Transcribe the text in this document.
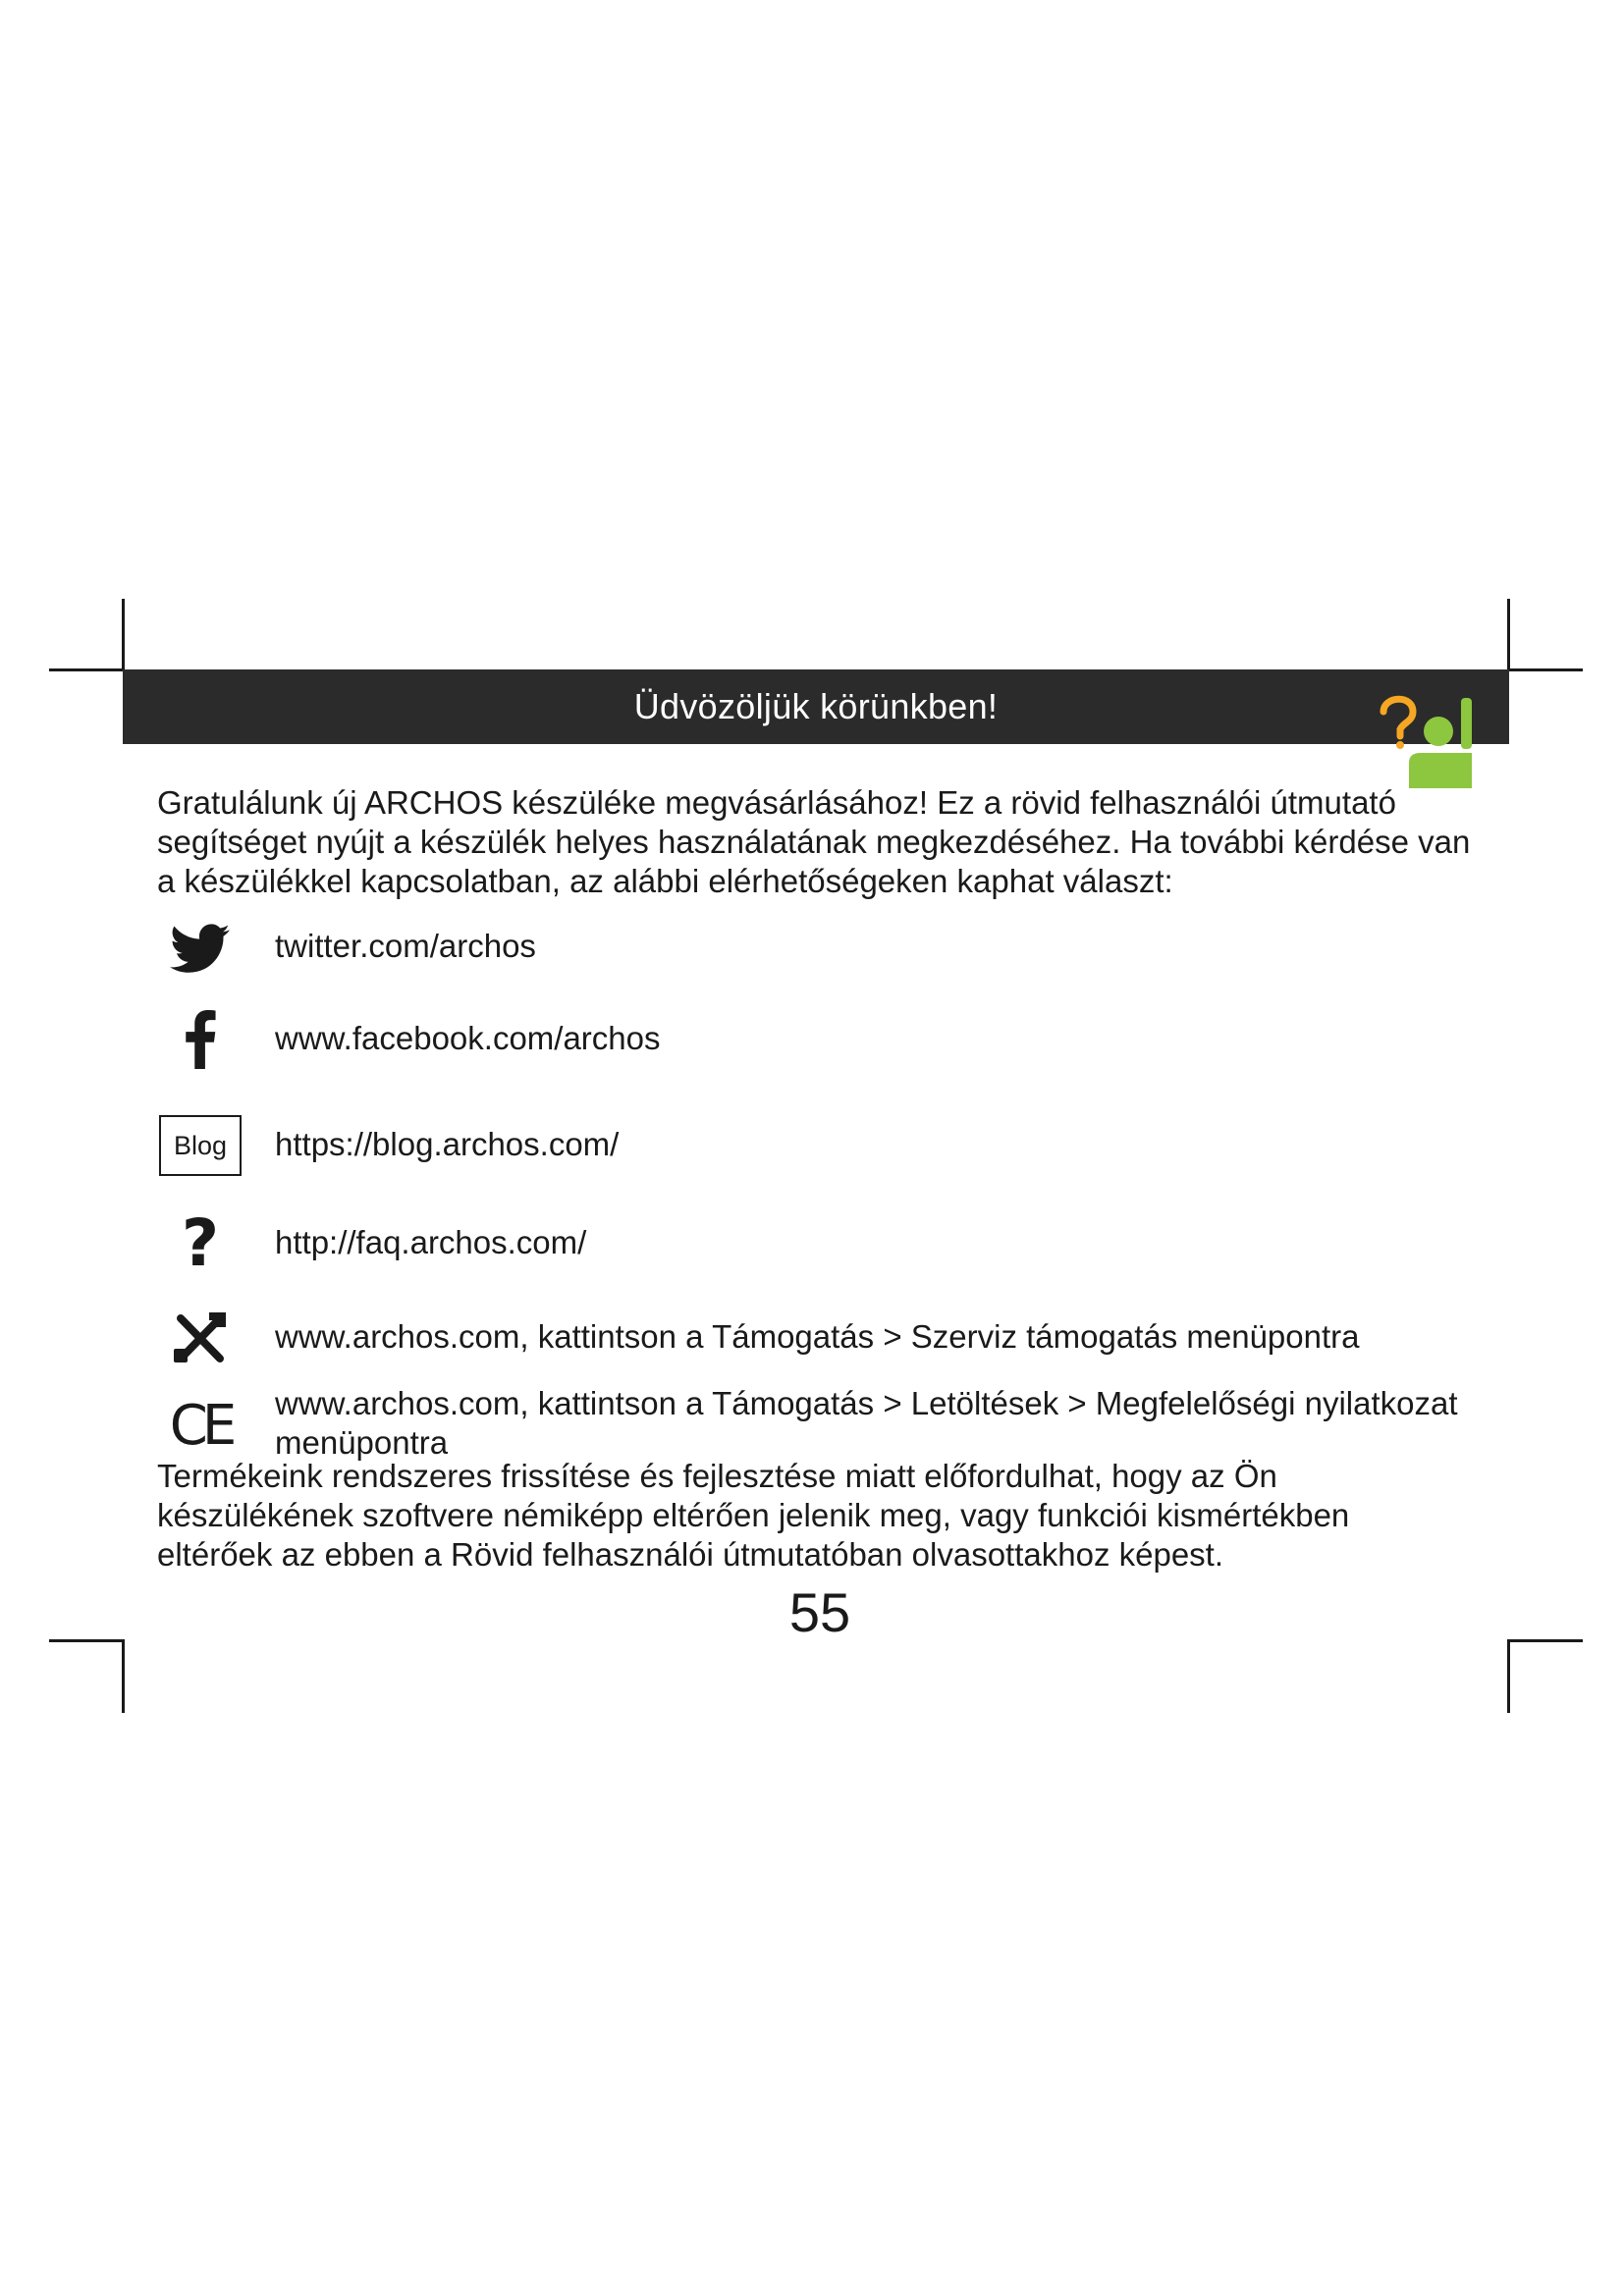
Üdvözöljük körünkben!

Gratulálunk új ARCHOS készüléke megvásárlásához! Ez a rövid felhasználói útmutató segítséget nyújt a készülék helyes használatának megkezdéséhez. Ha további kérdése van a készülékkel kapcsolatban, az alábbi elérhetőségeken kaphat választ:

twitter.com/archos
www.facebook.com/archos
Blog https://blog.archos.com/
? http://faq.archos.com/
www.archos.com, kattintson a Támogatás > Szerviz támogatás menüpontra
CE www.archos.com, kattintson a Támogatás > Letöltések > Megfelelőségi nyilatkozat menüpontra

Termékeink rendszeres frissítése és fejlesztése miatt előfordulhat, hogy az Ön készülékének szoftvere némiképp eltérően jelenik meg, vagy funkciói kismértékben eltérőek az ebben a Rövid felhasználói útmutatóban olvasottakhoz képest.

55
